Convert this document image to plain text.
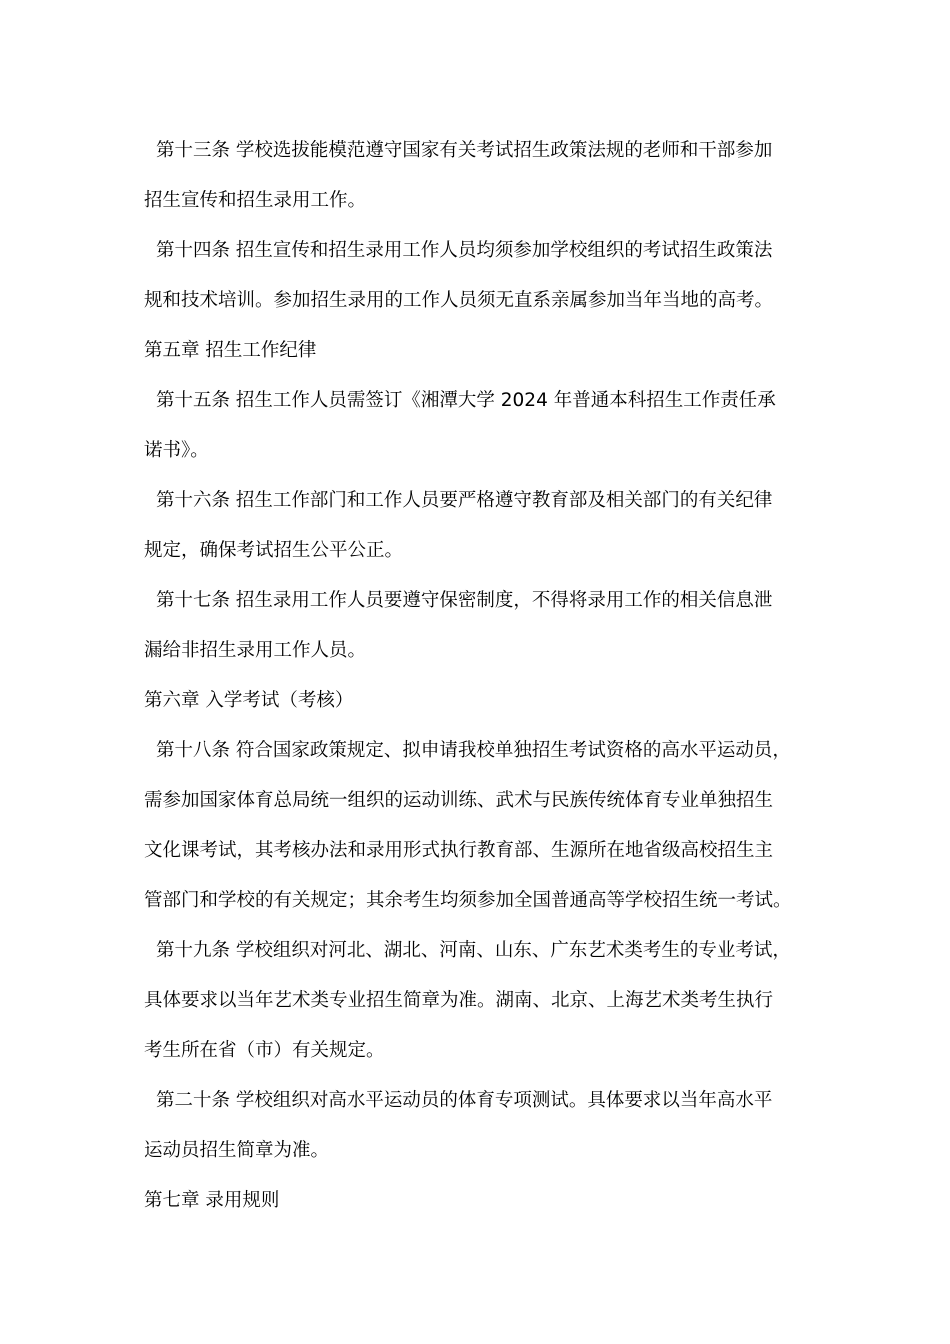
第十三条 学校选拔能模范遵守国家有关考试招生政策法规的老师和干部参加
招生宣传和招生录用工作。
第十四条 招生宣传和招生录用工作人员均须参加学校组织的考试招生政策法
规和技术培训。参加招生录用的工作人员须无直系亲属参加当年当地的高考。
第五章 招生工作纪律
第十五条 招生工作人员需签订《湘潭大学 2024 年普通本科招生工作责任承
诺书》。
第十六条 招生工作部门和工作人员要严格遵守教育部及相关部门的有关纪律
规定，确保考试招生公平公正。
第十七条 招生录用工作人员要遵守保密制度，不得将录用工作的相关信息泄
漏给非招生录用工作人员。
第六章 入学考试（考核）
第十八条 符合国家政策规定、拟申请我校单独招生考试资格的高水平运动员，
需参加国家体育总局统一组织的运动训练、武术与民族传统体育专业单独招生
文化课考试，其考核办法和录用形式执行教育部、生源所在地省级高校招生主
管部门和学校的有关规定；其余考生均须参加全国普通高等学校招生统一考试。
第十九条 学校组织对河北、湖北、河南、山东、广东艺术类考生的专业考试，
具体要求以当年艺术类专业招生简章为准。湖南、北京、上海艺术类考生执行
考生所在省（市）有关规定。
第二十条 学校组织对高水平运动员的体育专项测试。具体要求以当年高水平
运动员招生简章为准。
第七章 录用规则
